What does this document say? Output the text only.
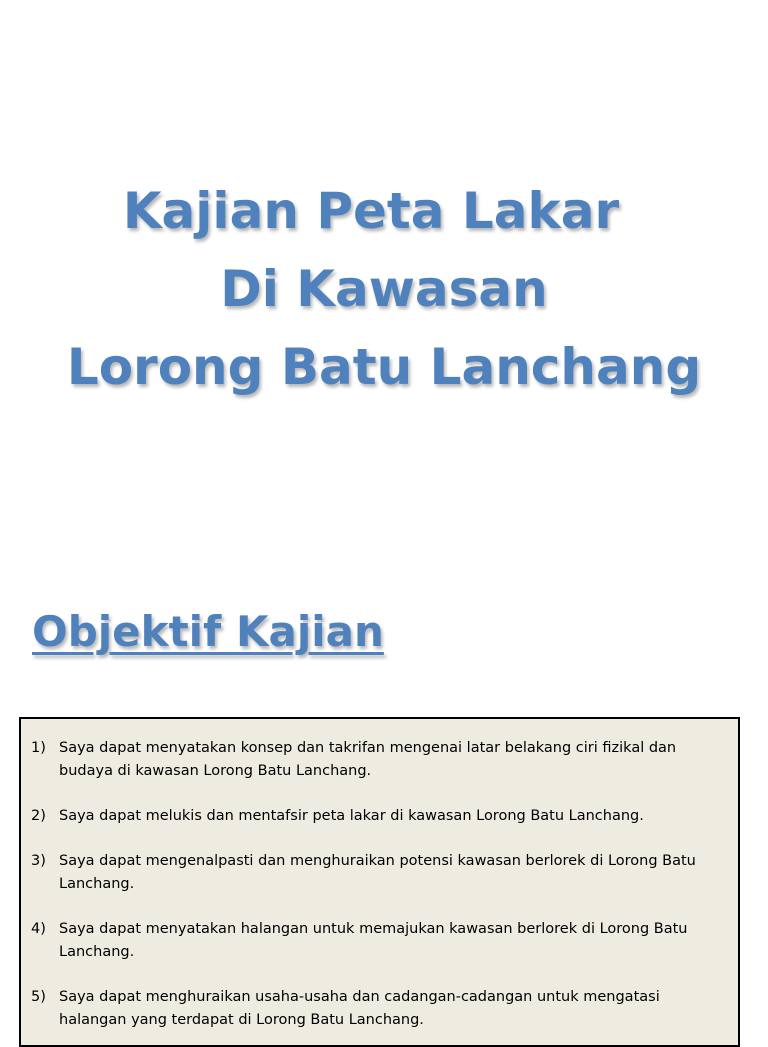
Kajian Peta Lakar
Di Kawasan
Lorong Batu Lanchang
Objektif Kajian
1) Saya dapat menyatakan konsep dan takrifan mengenai latar belakang ciri fizikal dan budaya di kawasan Lorong Batu Lanchang.
2) Saya dapat melukis dan mentafsir peta lakar di kawasan Lorong Batu Lanchang.
3) Saya dapat mengenalpasti dan menghuraikan potensi kawasan berlorek di Lorong Batu Lanchang.
4) Saya dapat menyatakan halangan untuk memajukan kawasan berlorek di Lorong Batu Lanchang.
5) Saya dapat menghuraikan usaha-usaha dan cadangan-cadangan untuk mengatasi halangan yang terdapat di Lorong Batu Lanchang.
